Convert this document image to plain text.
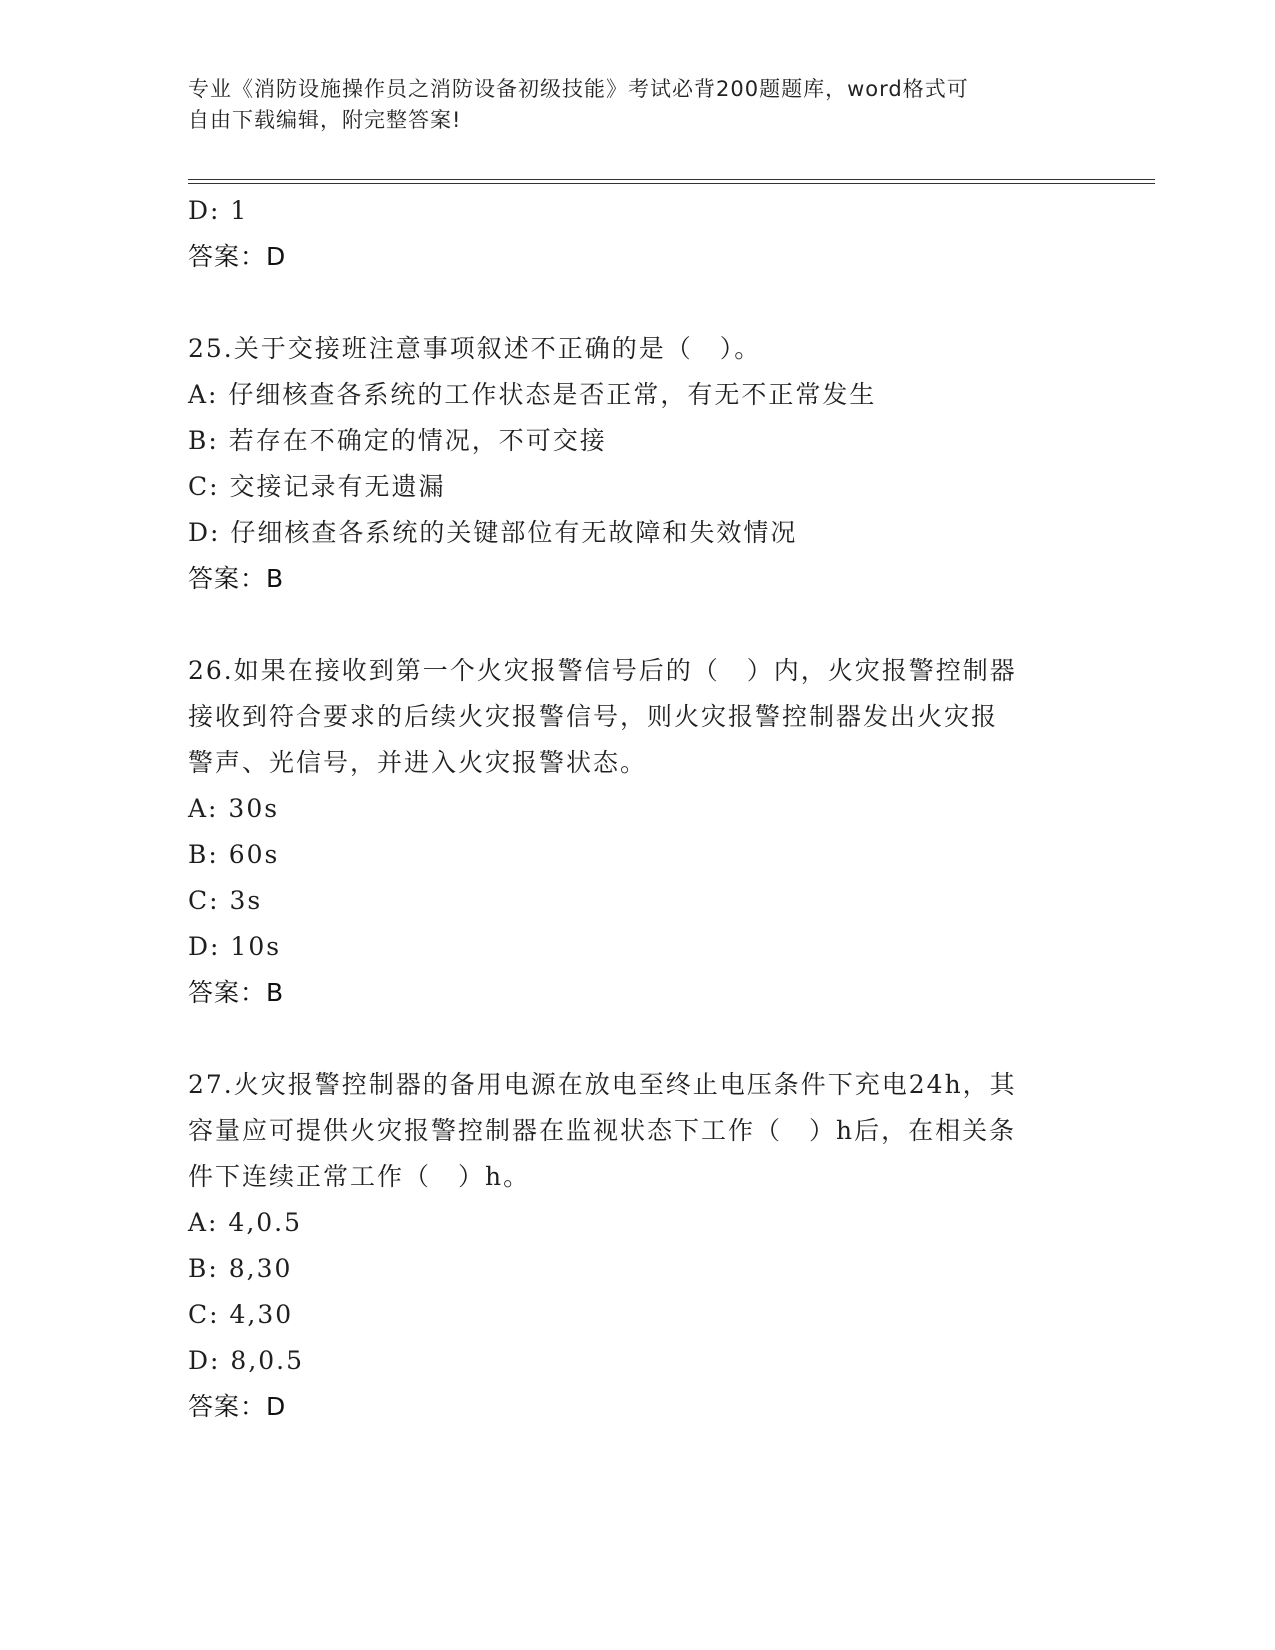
专业《消防设施操作员之消防设备初级技能》考试必背200题题库，word格式可
自由下载编辑，附完整答案!
D: 1
答案：D
25.关于交接班注意事项叙述不正确的是（　）。
A: 仔细核查各系统的工作状态是否正常，有无不正常发生
B: 若存在不确定的情况，不可交接
C: 交接记录有无遗漏
D: 仔细核查各系统的关键部位有无故障和失效情况
答案：B
26.如果在接收到第一个火灾报警信号后的（　）内，火灾报警控制器
接收到符合要求的后续火灾报警信号，则火灾报警控制器发出火灾报
警声、光信号，并进入火灾报警状态。
A: 30s
B: 60s
C: 3s
D: 10s
答案：B
27.火灾报警控制器的备用电源在放电至终止电压条件下充电24h，其
容量应可提供火灾报警控制器在监视状态下工作（　）h后，在相关条
件下连续正常工作（　）h。
A: 4,0.5
B: 8,30
C: 4,30
D: 8,0.5
答案：D
